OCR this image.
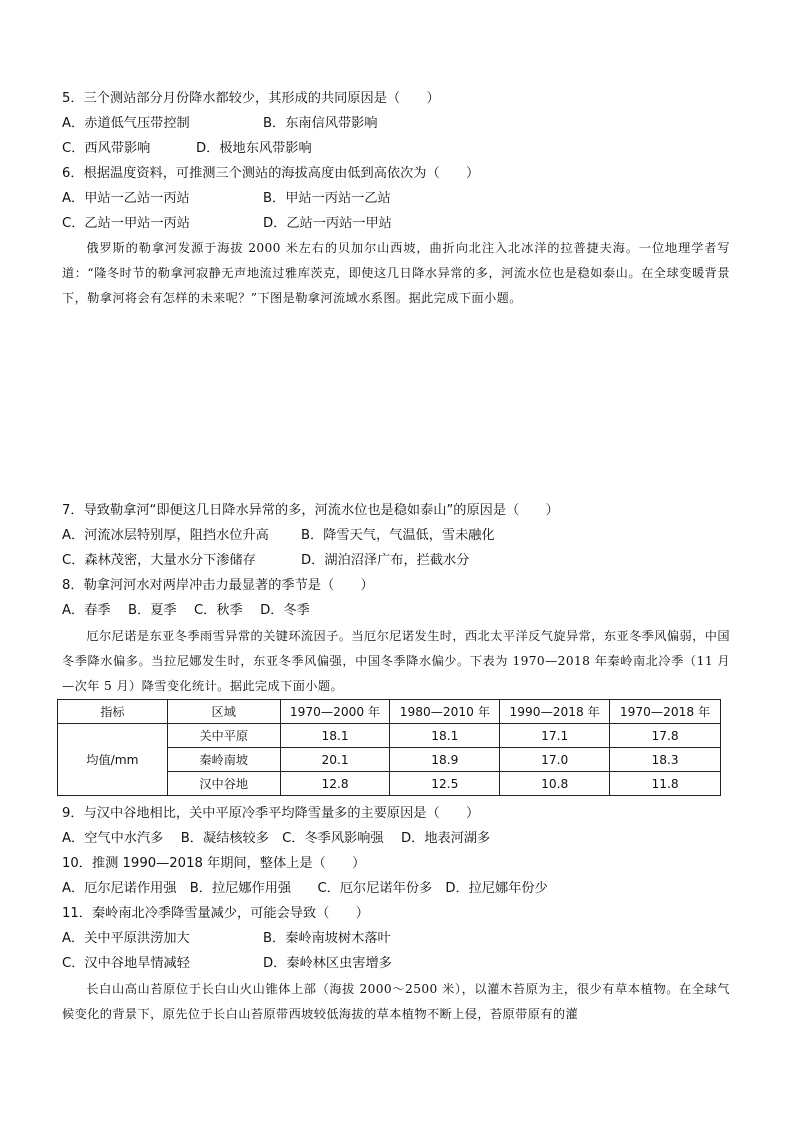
5．三个测站部分月份降水都较少，其形成的共同原因是（　　）
A．赤道低气压带控制	B．东南信风带影响
C．西风带影响	D．极地东风带影响
6．根据温度资料，可推测三个测站的海拔高度由低到高依次为（　　）
A．甲站一乙站一丙站	B．甲站一丙站一乙站
C．乙站一甲站一丙站	D．乙站一丙站一甲站

俄罗斯的勒拿河发源于海拔 2000 米左右的贝加尔山西坡，曲折向北注入北冰洋的拉普捷夫海。一位地理学者写道：“隆冬时节的勒拿河寂静无声地流过雅库茨克，即使这几日降水异常的多，河流水位也是稳如泰山。在全球变暖背景下，勒拿河将会有怎样的未来呢？”下图是勒拿河流域水系图。据此完成下面小题。

7．导致勒拿河“即便这几日降水异常的多，河流水位也是稳如泰山”的原因是（　　）
A．河流冰层特别厚，阻挡水位升高 B．降雪天气，气温低，雪未融化
C．森林茂密，大量水分下渗储存	D．湖泊沼泽广布，拦截水分
8．勒拿河河水对两岸冲击力最显著的季节是（　　）
A．春季　 B．夏季　 C．秋季　 D．冬季

厄尔尼诺是东亚冬季雨雪异常的关键环流因子。当厄尔尼诺发生时，西北太平洋反气旋异常，东亚冬季风偏弱，中国冬季降水偏多。当拉尼娜发生时，东亚冬季风偏强，中国冬季降水偏少。下表为 1970—2018 年秦岭南北冷季（11 月—次年 5 月）降雪变化统计。据此完成下面小题。

指标	区域	1970—2000 年	1980—2010 年	1990—2018 年	1970—2018 年
均值/mm	关中平原	18.1	18.1	17.1	17.8
	秦岭南坡	20.1	18.9	17.0	18.3
	汉中谷地	12.8	12.5	10.8	11.8
9．与汉中谷地相比，关中平原冷季平均降雪量多的主要原因是（　　）
A．空气中水汽多　 B．凝结核较多　C．冬季风影响强　 D．地表河湖多
10．推测 1990—2018 年期间，整体上是（　　）
A．厄尔尼诺作用强　B．拉尼娜作用强　　C．厄尔尼诺年份多　D．拉尼娜年份少
11．秦岭南北冷季降雪量减少，可能会导致（　　）
A．关中平原洪涝加大	B．秦岭南坡树木落叶
C．汉中谷地旱情减轻	D．秦岭林区虫害增多

长白山高山苔原位于长白山火山锥体上部（海拔 2000～2500 米），以灌木苔原为主，很少有草本植物。在全球气候变化的背景下，原先位于长白山苔原带西坡较低海拔的草本植物不断上侵，苔原带原有的灌
